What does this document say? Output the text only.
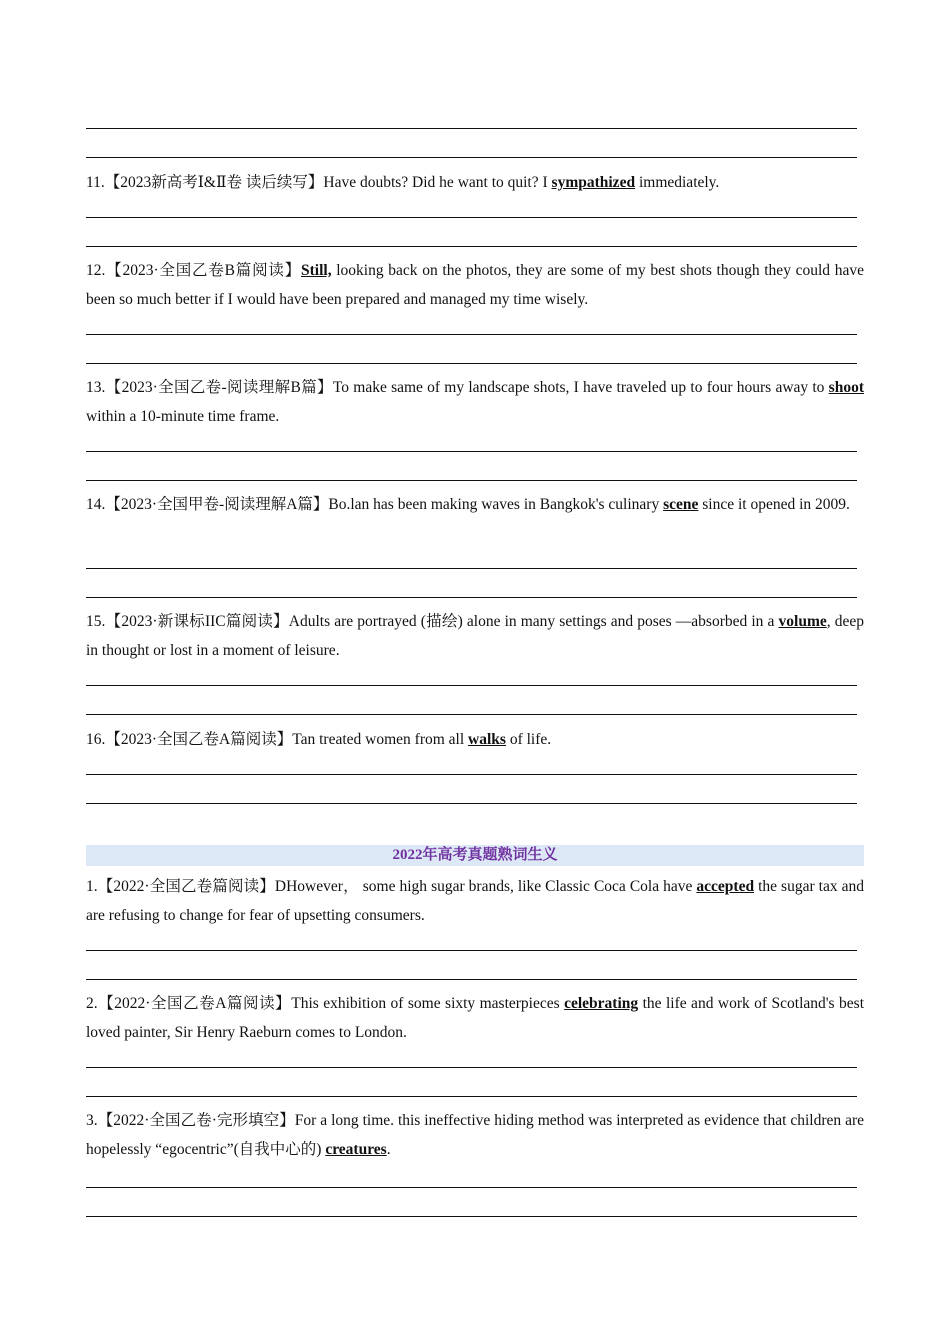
11.【2023新高考Ⅰ&Ⅱ卷 读后续写】Have doubts? Did he want to quit? I sympathized immediately.
12.【2023·全国乙卷B篇阅读】Still, looking back on the photos, they are some of my best shots though they could have been so much better if I would have been prepared and managed my time wisely.
13.【2023·全国乙卷-阅读理解B篇】To make same of my landscape shots, I have traveled up to four hours away to shoot within a 10-minute time frame.
14.【2023·全国甲卷-阅读理解A篇】Bo.lan has been making waves in Bangkok's culinary scene since it opened in 2009.
15.【2023·新课标IIC篇阅读】Adults are portrayed (描绘) alone in many settings and poses —absorbed in a volume, deep in thought or lost in a moment of leisure.
16.【2023·全国乙卷A篇阅读】Tan treated women from all walks of life.
2022年高考真题熟词生义
1.【2022·全国乙卷篇阅读】DHowever， some high sugar brands, like Classic Coca Cola have accepted the sugar tax and are refusing to change for fear of upsetting consumers.
2.【2022·全国乙卷A篇阅读】This exhibition of some sixty masterpieces celebrating the life and work of Scotland's best loved painter, Sir Henry Raeburn comes to London.
3.【2022·全国乙卷·完形填空】For a long time. this ineffective hiding method was interpreted as evidence that children are hopelessly “egocentric”(自我中心的) creatures.
